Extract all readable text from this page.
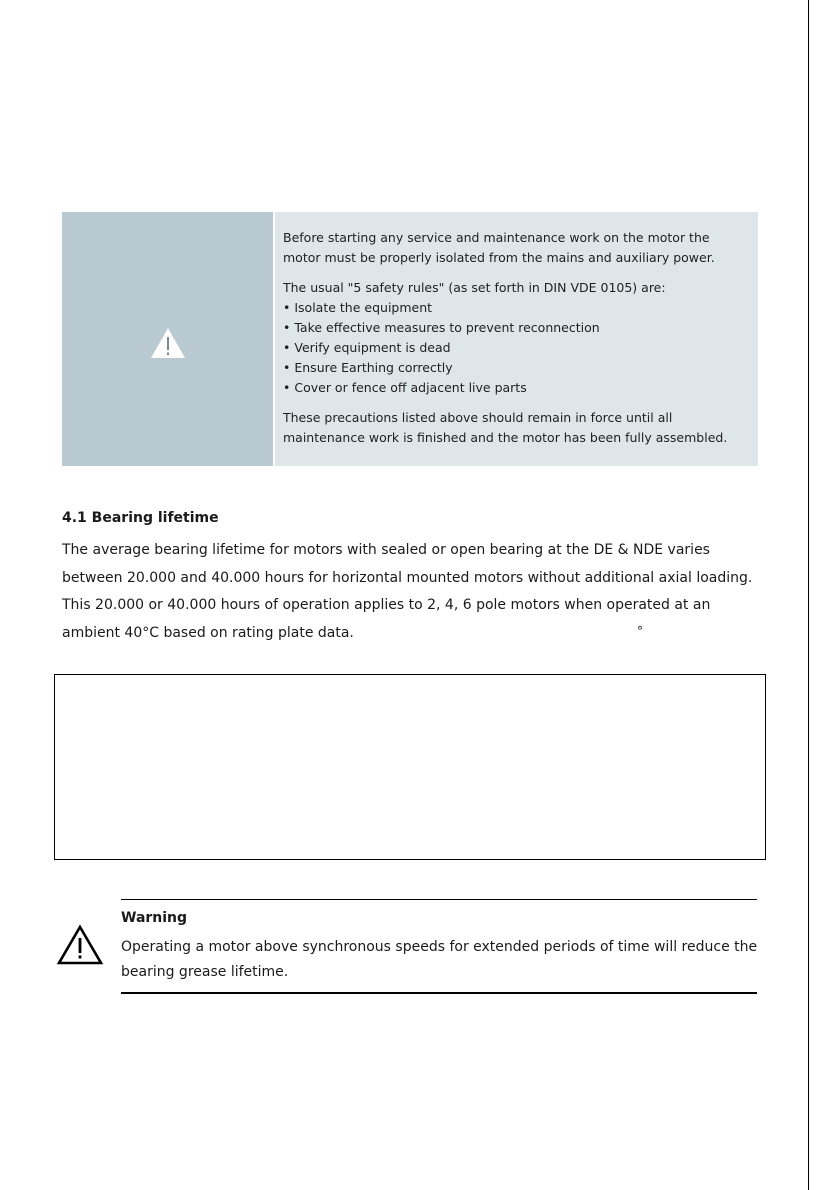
Before starting any service and maintenance work on the motor the motor must be properly isolated from the mains and auxiliary power.

The usual "5 safety rules" (as set forth in DIN VDE 0105) are:

• Isolate the equipment
• Take effective measures to prevent reconnection
• Verify equipment is dead
• Ensure Earthing correctly
• Cover or fence off adjacent live parts

These precautions listed above should remain in force until all maintenance work is finished and the motor has been fully assembled.

4.1 Bearing lifetime

The average bearing lifetime for motors with sealed or open bearing at the DE & NDE varies between 20.000 and 40.000 hours for horizontal mounted motors without additional axial loading. This 20.000 or 40.000 hours of operation applies to 2, 4, 6 pole motors when operated at an ambient 40°C based on rating plate data.	°
Warning

Operating a motor above synchronous speeds for extended periods of time will reduce the bearing grease lifetime.
